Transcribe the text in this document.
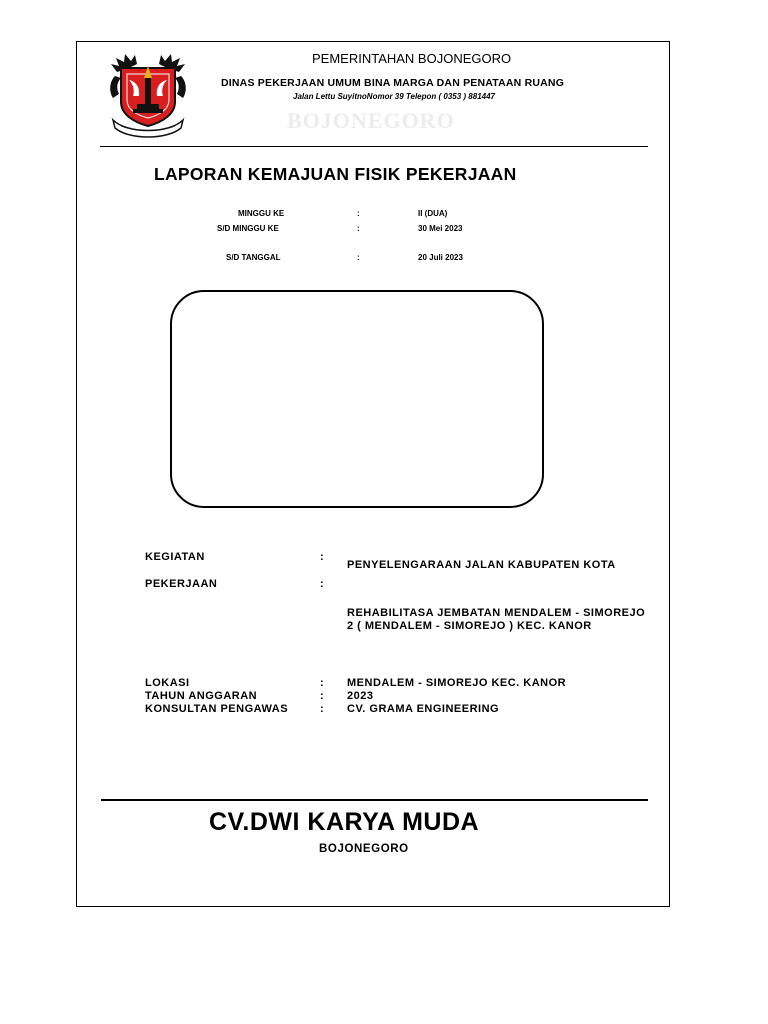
PEMERINTAHAN BOJONEGORO
DINAS PEKERJAAN UMUM BINA MARGA DAN PENATAAN RUANG
Jalan Lettu SuyitnoNomor 39 Telepon ( 0353 ) 881447
BOJONEGORO
LAPORAN KEMAJUAN FISIK PEKERJAAN
MINGGU KE	:	II (DUA)
S/D MINGGU KE	:	30 Mei 2023
S/D TANGGAL	:	20 Juli 2023
KEGIATAN	:
PENYELENGARAAN JALAN KABUPATEN KOTA
PEKERJAAN	:
REHABILITASA JEMBATAN MENDALEM - SIMOREJO
2 ( MENDALEM - SIMOREJO ) KEC. KANOR
LOKASI	: MENDALEM - SIMOREJO KEC. KANOR
TAHUN ANGGARAN	: 2023
KONSULTAN PENGAWAS	: CV. GRAMA ENGINEERING
CV.DWI KARYA MUDA
BOJONEGORO
